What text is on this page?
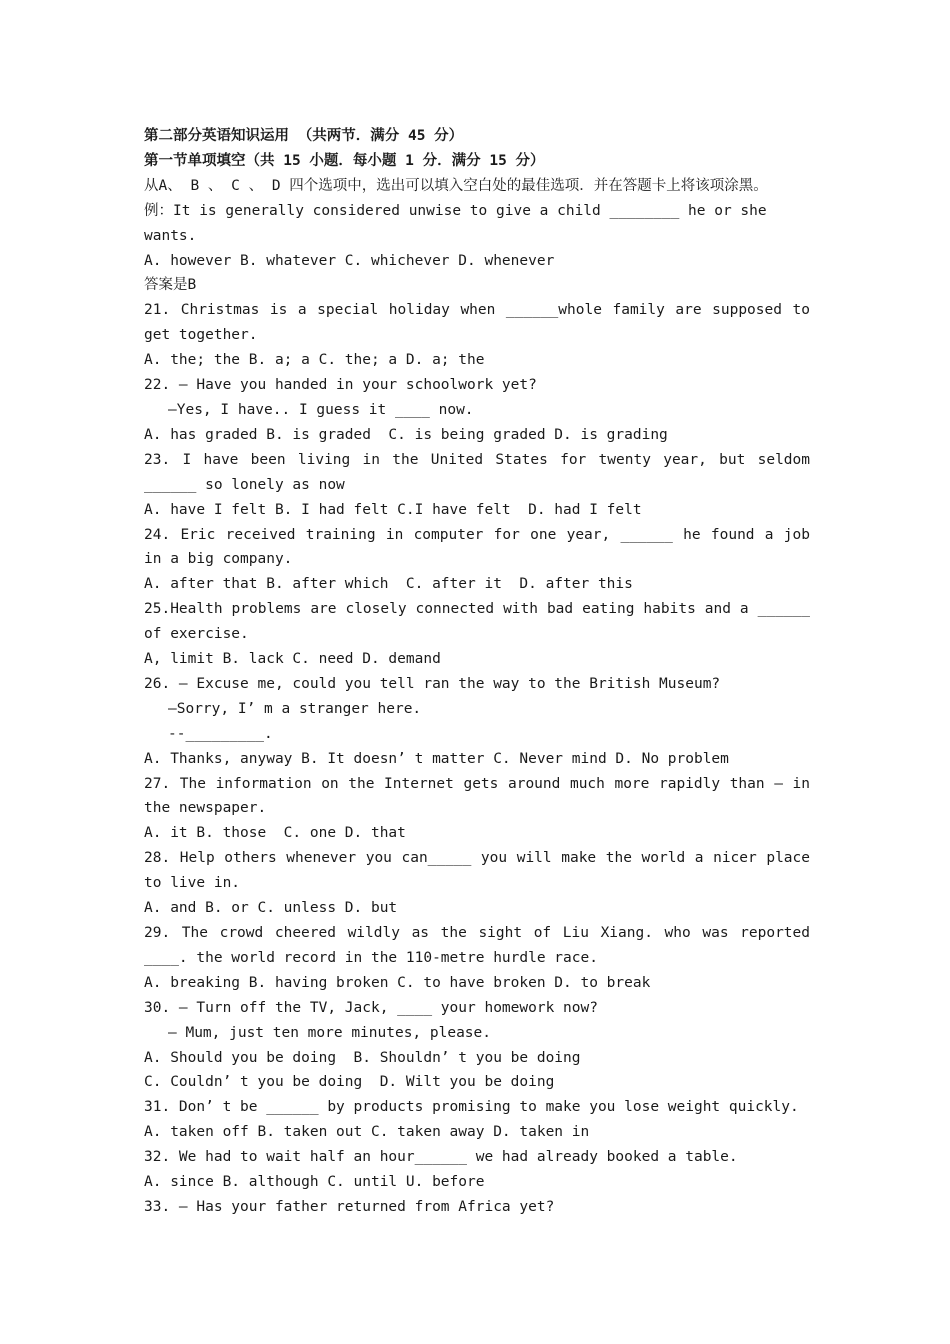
第二部分英语知识运用 （共两节．满分 45 分）
第一节单项填空（共 15 小题．每小题 1 分．满分 15 分）
从A、 B 、 C 、 D 四个选项中，选出可以填入空白处的最佳选项．并在答题卡上将该项涂黑。
例：It is generally considered unwise to give a child ________ he or she wants.
A. however B. whatever C. whichever D. whenever
答案是B
21. Christmas is a special holiday when ______whole family are supposed to get together.
A. the; the B. a; a C. the; a D. a; the
22. — Have you handed in your schoolwork yet?
—Yes, I have.. I guess it ____ now.
A. has graded B. is graded  C. is being graded D. is grading
23. I have been living in the United States for twenty year, but seldom ______ so lonely as now
A. have I felt B. I had felt C.I have felt  D. had I felt
24. Eric received training in computer for one year, ______ he found a job in a big company.
A. after that B. after which  C. after it  D. after this
25.Health problems are closely connected with bad eating habits and a ______ of exercise.
A, limit B. lack C. need D. demand
26. — Excuse me, could you tell ran the way to the British Museum?
—Sorry, I’ m a stranger here.
--_________.
A. Thanks, anyway B. It doesn’ t matter C. Never mind D. No problem
27. The information on the Internet gets around much more rapidly than — in the newspaper.
A. it B. those  C. one D. that
28. Help others whenever you can_____ you will make the world a nicer place to live in.
A. and B. or C. unless D. but
29. The crowd cheered wildly as the sight of Liu Xiang. who was reported ____. the world record in the 110-metre hurdle race.
A. breaking B. having broken C. to have broken D. to break
30. — Turn off the TV, Jack, ____ your homework now?
— Mum, just ten more minutes, please.
A. Should you be doing  B. Shouldn’ t you be doing
C. Couldn’ t you be doing  D. Wilt you be doing
31. Don’ t be ______ by products promising to make you lose weight quickly.
A. taken off B. taken out C. taken away D. taken in
32. We had to wait half an hour______ we had already booked a table.
A. since B. although C. until U. before
33. — Has your father returned from Africa yet?
